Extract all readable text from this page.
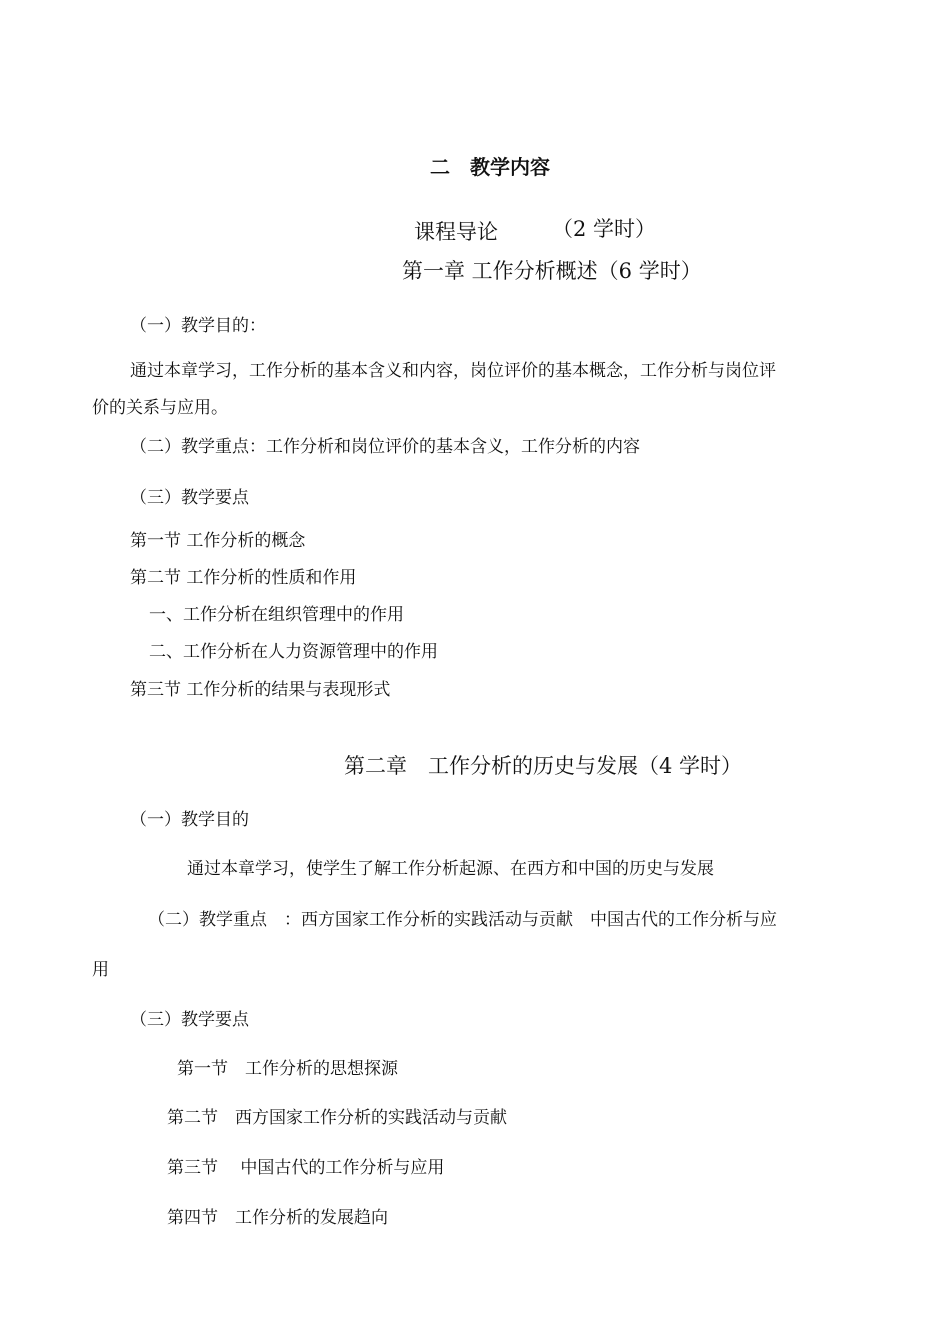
二　教学内容
课程导论	（2 学时）
第一章 工作分析概述（6 学时）
（一）教学目的：
通过本章学习，工作分析的基本含义和内容，岗位评价的基本概念，工作分析与岗位评
价的关系与应用。
（二）教学重点：工作分析和岗位评价的基本含义，工作分析的内容
（三）教学要点
第一节 工作分析的概念
第二节 工作分析的性质和作用
一、工作分析在组织管理中的作用
二、工作分析在人力资源管理中的作用
第三节 工作分析的结果与表现形式
第二章　工作分析的历史与发展（4 学时）
（一）教学目的
通过本章学习，使学生了解工作分析起源、在西方和中国的历史与发展
（二）教学重点　：西方国家工作分析的实践活动与贡献　中国古代的工作分析与应
用
（三）教学要点
第一节　工作分析的思想探源
第二节　西方国家工作分析的实践活动与贡献
第三节　 中国古代的工作分析与应用
第四节　工作分析的发展趋向
